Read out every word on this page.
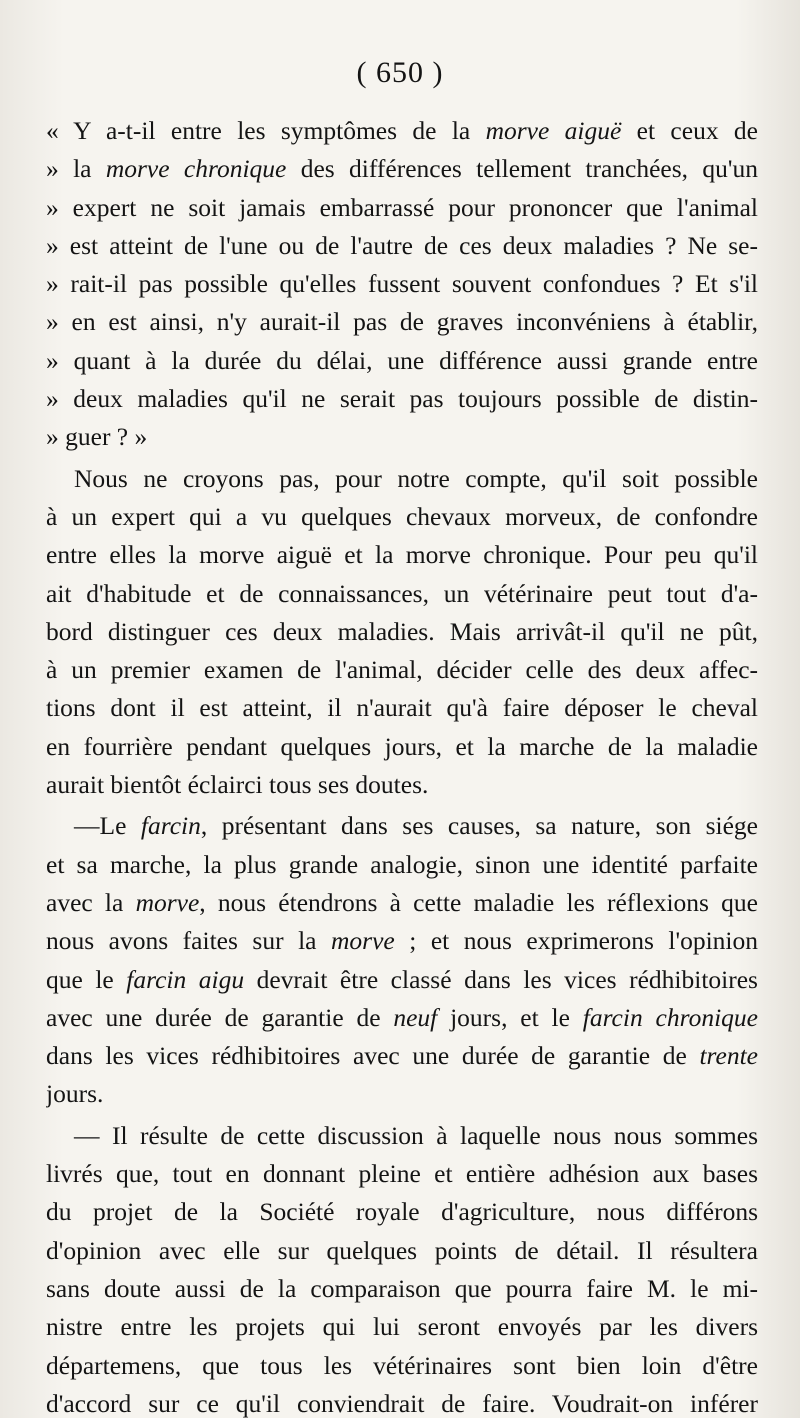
( 650 )
« Y a-t-il entre les symptômes de la morve aiguë et ceux de
» la morve chronique des différences tellement tranchées, qu'un
» expert ne soit jamais embarrassé pour prononcer que l'animal
» est atteint de l'une ou de l'autre de ces deux maladies ? Ne se-
» rait-il pas possible qu'elles fussent souvent confondues ? Et s'il
» en est ainsi, n'y aurait-il pas de graves inconvéniens à établir,
» quant à la durée du délai, une différence aussi grande entre
» deux maladies qu'il ne serait pas toujours possible de distin-
» guer ? »
Nous ne croyons pas, pour notre compte, qu'il soit possible
à un expert qui a vu quelques chevaux morveux, de confondre
entre elles la morve aiguë et la morve chronique. Pour peu qu'il
ait d'habitude et de connaissances, un vétérinaire peut tout d'a-
bord distinguer ces deux maladies. Mais arrivât-il qu'il ne pût,
à un premier examen de l'animal, décider celle des deux affec-
tions dont il est atteint, il n'aurait qu'à faire déposer le cheval
en fourrière pendant quelques jours, et la marche de la maladie
aurait bientôt éclairci tous ses doutes.
—Le farcin, présentant dans ses causes, sa nature, son siége
et sa marche, la plus grande analogie, sinon une identité parfaite
avec la morve, nous étendrons à cette maladie les réflexions que
nous avons faites sur la morve ; et nous exprimerons l'opinion
que le farcin aigu devrait être classé dans les vices rédhibitoires
avec une durée de garantie de neuf jours, et le farcin chronique
dans les vices rédhibitoires avec une durée de garantie de trente
jours.
— Il résulte de cette discussion à laquelle nous nous sommes
livrés que, tout en donnant pleine et entière adhésion aux bases
du projet de la Société royale d'agriculture, nous différons
d'opinion avec elle sur quelques points de détail. Il résultera
sans doute aussi de la comparaison que pourra faire M. le mi-
nistre entre les projets qui lui seront envoyés par les divers
départemens, que tous les vétérinaires sont bien loin d'être
d'accord sur ce qu'il conviendrait de faire. Voudrait-on inférer
